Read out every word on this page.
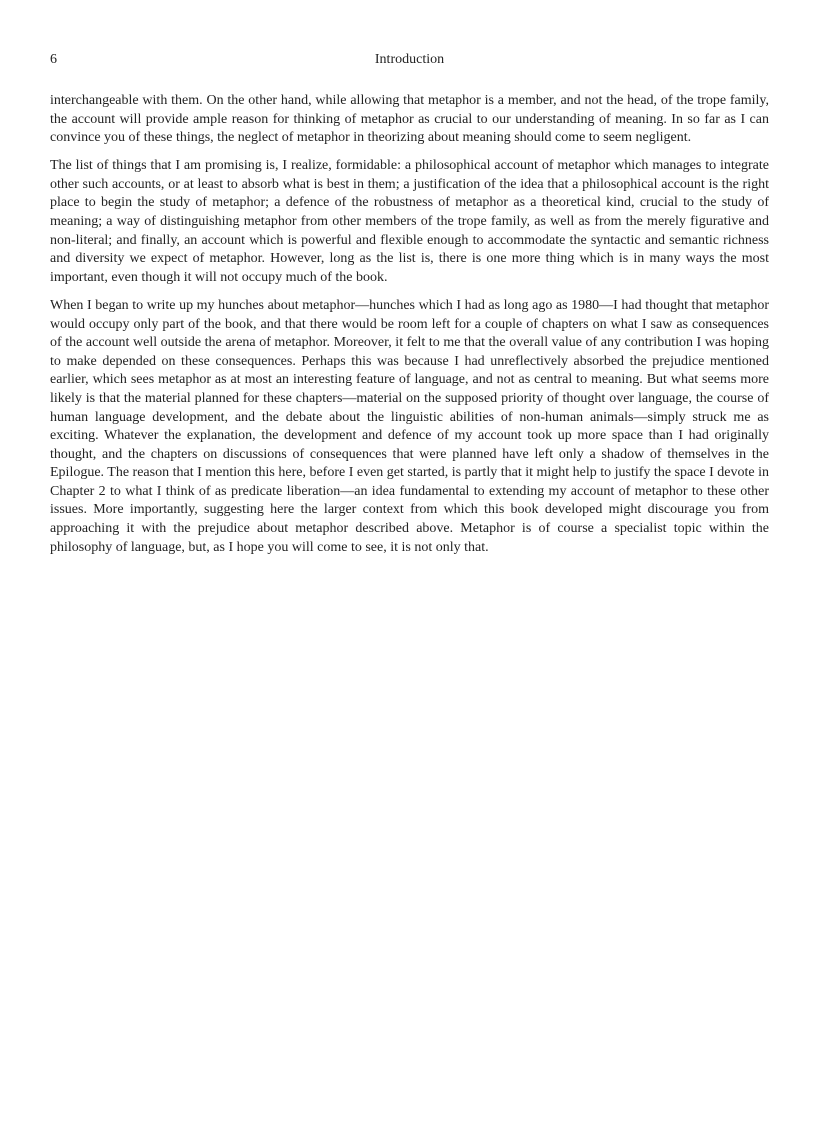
6	Introduction

interchangeable with them. On the other hand, while allowing that metaphor is a member, and not the head, of the trope family, the account will provide ample reason for thinking of metaphor as crucial to our understanding of meaning. In so far as I can convince you of these things, the neglect of metaphor in theorizing about meaning should come to seem negligent.

The list of things that I am promising is, I realize, formidable: a philosophical account of metaphor which manages to integrate other such accounts, or at least to absorb what is best in them; a justification of the idea that a philosophical account is the right place to begin the study of metaphor; a defence of the robustness of metaphor as a theoretical kind, crucial to the study of meaning; a way of distinguishing metaphor from other members of the trope family, as well as from the merely figurative and non-literal; and finally, an account which is powerful and flexible enough to accommodate the syntactic and semantic richness and diversity we expect of metaphor. However, long as the list is, there is one more thing which is in many ways the most important, even though it will not occupy much of the book.

When I began to write up my hunches about metaphor—hunches which I had as long ago as 1980—I had thought that metaphor would occupy only part of the book, and that there would be room left for a couple of chapters on what I saw as consequences of the account well outside the arena of metaphor. Moreover, it felt to me that the overall value of any contribution I was hoping to make depended on these consequences. Perhaps this was because I had unreflectively absorbed the prejudice mentioned earlier, which sees metaphor as at most an interesting feature of language, and not as central to meaning. But what seems more likely is that the material planned for these chapters—material on the supposed priority of thought over language, the course of human language development, and the debate about the linguistic abilities of non-human animals—simply struck me as exciting. Whatever the explanation, the development and defence of my account took up more space than I had originally thought, and the chapters on discussions of consequences that were planned have left only a shadow of themselves in the Epilogue. The reason that I mention this here, before I even get started, is partly that it might help to justify the space I devote in Chapter 2 to what I think of as predicate liberation—an idea fundamental to extending my account of metaphor to these other issues. More importantly, suggesting here the larger context from which this book developed might discourage you from approaching it with the prejudice about metaphor described above. Metaphor is of course a specialist topic within the philosophy of language, but, as I hope you will come to see, it is not only that.
